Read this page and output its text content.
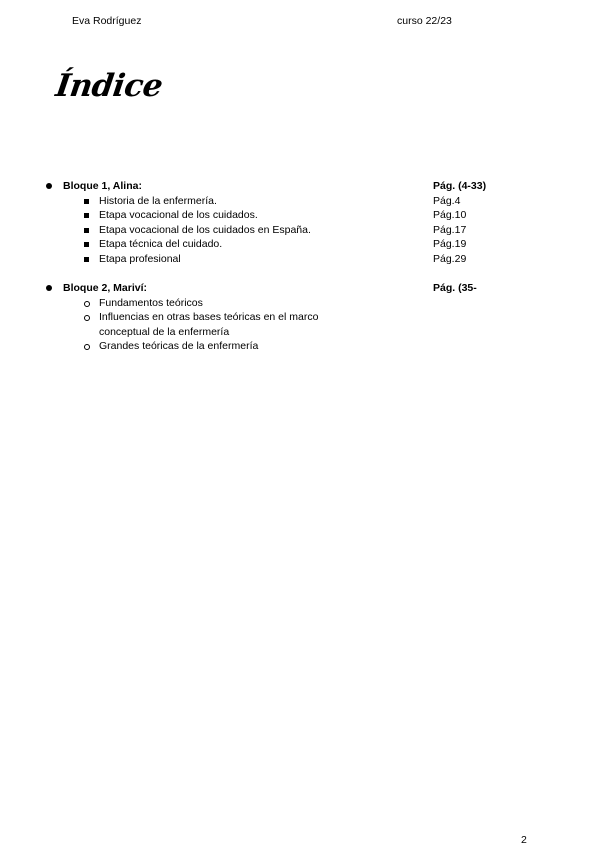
Eva Rodríguez	curso 22/23
Índice
Bloque 1, Alina:	Pág. (4-33)
Historia de la enfermería.	Pág.4
Etapa vocacional de los cuidados.	Pág.10
Etapa vocacional de los cuidados en España.	Pág.17
Etapa técnica del cuidado.	Pág.19
Etapa profesional	Pág.29
Bloque 2, Mariví:	Pág. (35-
Fundamentos teóricos
Influencias en otras bases teóricas en el marco
conceptual de la enfermería
Grandes teóricas de la enfermería
2
